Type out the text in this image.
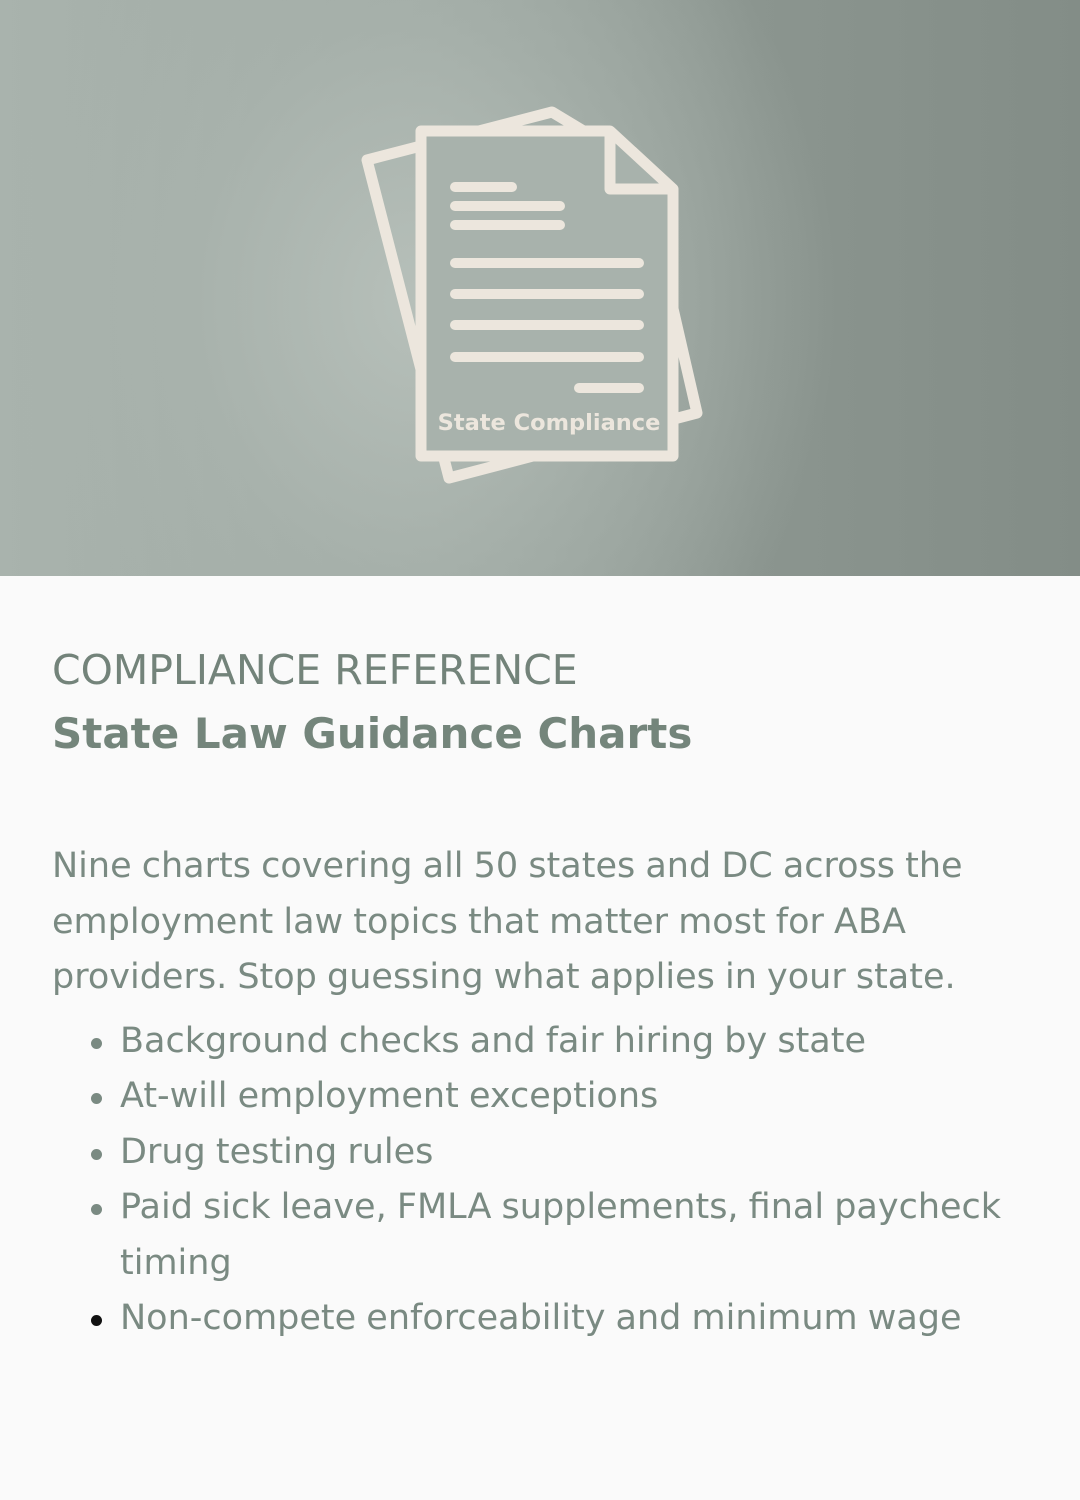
State Compliance
COMPLIANCE REFERENCE
State Law Guidance Charts
Nine charts covering all 50 states and DC across the employment law topics that matter most for ABA providers. Stop guessing what applies in your state.
Background checks and fair hiring by state
At-will employment exceptions
Drug testing rules
Paid sick leave, FMLA supplements, final paycheck timing
Non-compete enforceability and minimum wage
